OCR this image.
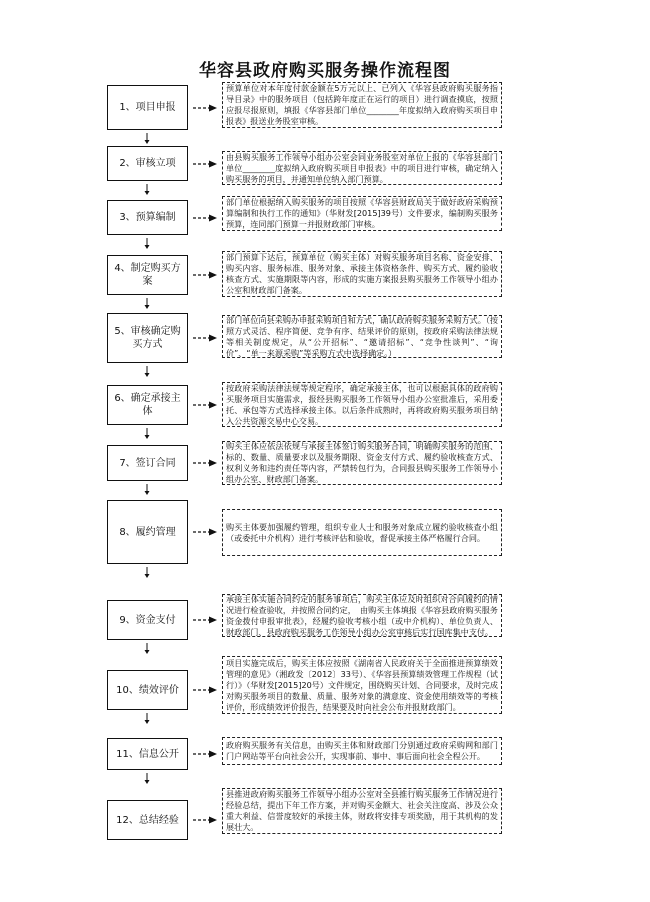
华容县政府购买服务操作流程图
1、项目申报
预算单位对本年度付款金额在5万元以上、已列入《华容县政府购买服务指导目录》中的服务项目（包括跨年度正在运行的项目）进行调查摸底，按照应报尽报原则，填报《华容县部门单位________年度拟纳入政府购买项目申报表》报送业务股室审核。
2、审核立项
由县购买服务工作领导小组办公室会同业务股室对单位上报的《华容县部门单位________度拟纳入政府购买项目申报表》中的项目进行审核，确定纳入购买服务的项目，并通知单位纳入部门预算。
3、预算编制
部门单位根据纳入购买服务的项目按照《华容县财政局关于做好政府采购预算编制和执行工作的通知》（华财发[2015]39号）文件要求，编制购买服务预算，连同部门预算一并报财政部门审核。
4、制定购买方案
部门预算下达后，预算单位（购买主体）对购买服务项目名称、资金安排、购买内容、服务标准、服务对象、承接主体资格条件、购买方式、履约验收核查方式、实施期限等内容，形成的实施方案报县购买服务工作领导小组办公室和财政部门备案。
5、审核确定购买方式
部门单位向县采购办申报采购项目和方式，确认政府购买服务采购方式。（按照方式灵活、程序简便、竞争有序、结果评价的原则，按政府采购法律法规等相关制度规定，从“公开招标”、“邀请招标”、“竞争性谈判”、“询价”、“单一来源采购”等采购方式中选择确定。）
6、确定承接主体
按政府采购法律法规等规定程序，确定承接主体，也可以根据具体的政府购买服务项目实施需求，报经县购买服务工作领导小组办公室批准后，采用委托、承包等方式选择承接主体。以后条件成熟时，再将政府购买服务项目纳入公共资源交易中心交易。
7、签订合同
购买主体应依法依规与承接主体签订购买服务合同，明确购买服务的范围、标的、数量、质量要求以及服务期限、资金支付方式、履约验收核查方式、权利义务和违约责任等内容，严禁转包行为，合同报县购买服务工作领导小组办公室、财政部门备案。
8、履约管理	购买主体要加强履约管理，组织专业人士和服务对象成立履约验收核查小组（或委托中介机构）进行考核评估和验收，督促承接主体严格履行合同。
9、资金支付
承接主体实施合同约定的服务事项后，购买主体应及时组织对合同履约的情况进行检查验收，并按照合同约定，　由购买主体填报《华容县政府购买服务资金拨付申报审批表》，经履约验收考核小组（或中介机构）、单位负责人、财政部门、县政府购买服务工作领导小组办公室审核后实行国库集中支付。
10、绩效评价
项目实施完成后，购买主体应按照《湖南省人民政府关于全面推进预算绩效管理的意见》（湘政发〔2012〕33号）、《华容县预算绩效管理工作规程（试行）》（华财发[2015]20号）文件规定，围绕购买计划、合同要求，及时完成对购买服务项目的数量、质量、服务对象的满意度、资金使用绩效等的考核评价，形成绩效评价报告，结果要及时向社会公布并报财政部门。
11、信息公开
政府购买服务有关信息，由购买主体和财政部门分别通过政府采购网和部门门户网站等平台向社会公开，实现事前、事中、事后面向社会全程公开。
12、总结经验
县推进政府购买服务工作领导小组办公室对全县推行购买服务工作情况进行经验总结，提出下年工作方案，并对购买金额大、社会关注度高、涉及公众重大利益、信誉度较好的承接主体，财政将安排专项奖励，用于其机构的发展壮大。
